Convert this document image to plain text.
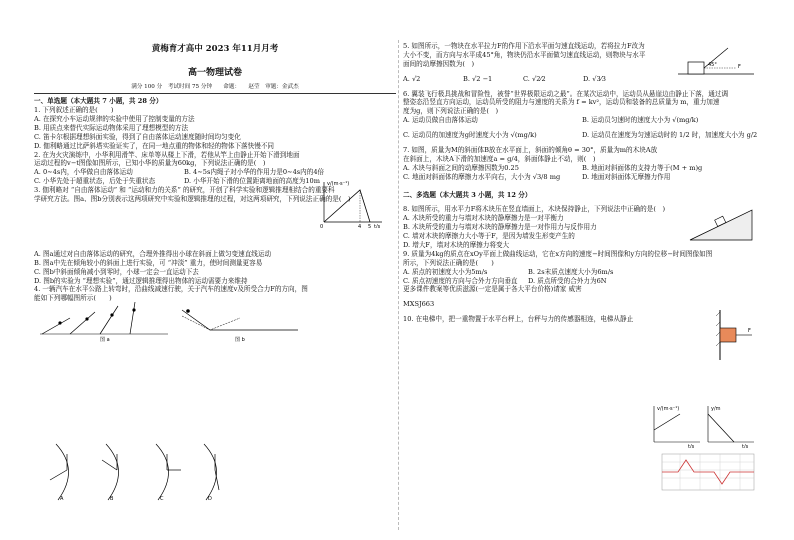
黄梅育才高中 2023 年11月月考
高一物理试卷
满分 100 分　考试时间 75 分钟　　命题：　　赵莹　审题：金武杰
一、单选题（本大题共 7 小题，共 28 分）

1. 下列叙述正确的是(　　)

A. 在探究小车运动规律的实验中使用了控制变量的方法

B. 用质点来替代实际运动物体采用了理想模型的方法

C. 笛卡尔根据理想斜面实验，得到了自由落体运动速度随时间均匀变化

D. 伽利略通过比萨斜塔实验证实了，在同一地点重的物体和轻的物体下落快慢不同

2. 在为火灾演练中，小华利用滑竿、床单等从楼上下滑，若他从竿上由静止开始下滑到地面

运动过程的v−t图像如图所示，已知小华的质量为60kg，下列说法正确的是(　)

A. 0∼4s内，小华做自由落体运动	B. 4∼5s内绳子对小华的作用力是0∼4s内的4倍
C. 小华先处于超重状态，后处于失重状态	D. 小华开始下滑的位置距离地面的高度为10m

3. 伽利略对 “自由落体运动” 和 “运动和力的关系” 的研究，开创了科学实验和逻辑推理相结合的重要科

学研究方法。图a、图b分别表示这两项研究中实验和逻辑推理的过程，对这两项研究，下列说法正确的是(　)

A. 图a通过对自由落体运动的研究，合理外推得出小球在斜面上做匀变速直线运动

B. 图a中先在倾角较小的斜面上进行实验，可 “冲淡” 重力，使时间测量更容易

C. 图b中斜面倾角减小到零时，小球一定会一直运动下去

D. 图b的实验为 “理想实验”，通过逻辑推理得出物体的运动需要力来维持

4. 一辆汽车在水平公路上转弯时，沿曲线减速行驶，关于汽车的速度v及所受合力F的方向，图

能如下列哪幅图所示(　　)

v/(m·s⁻¹)
t/s
0	4 5
图 a	图 b
A	B	C	D

5. 如图所示，一物块在水平拉力F的作用下沿水平面匀速直线运动，若将拉力F改为

大小不变，而方向与水平成45°角，物块仍沿水平面做匀速直线运动，则物块与水平

面间的动摩擦因数为(　)

A. √2	B. √2 −1	C. √2⁄2	D. √3⁄3

6. 翼装飞行极具挑战和冒险性，被誉“世界极限运动之最”。在某次运动中，运动员从悬崖边由静止下落，通过调

整姿态沿竖直方向运动，运动员所受的阻力与速度的关系为 f = kv²，运动员和装备的总质量为 m，重力加速

度为g，则下列说法正确的是(　)

A. 运动员做自由落体运动	B. 运动员匀速时的速度大小为 √(mg/k)
C. 运动员的加速度为g时速度大小为 √(mg/k)	D. 运动员在速度为匀速运动时的 1/2 时，加速度大小为 g/2

7. 如图，质量为M的斜面体B放在水平面上，斜面的倾角θ = 30°，质量为m的木块A放

在斜面上，木块A下滑的加速度a = g/4，斜面体静止不动，则(　)

A. 木块与斜面之间的动摩擦因数为0.25	B. 地面对斜面体的支持力等于(M + m)g
C. 地面对斜面体的摩擦力水平向右，大小为 √3/8 mg	D. 地面对斜面体无摩擦力作用
二、多选题（本大题共 3 小题，共 12 分）

8. 如图所示，用水平力F将木块压在竖直墙面上，木块保持静止，下列说法中正确的是(　)

A. 木块所受的重力与墙对木块的静摩擦力是一对平衡力

B. 木块所受的重力与墙对木块的静摩擦力是一对作用力与反作用力

C. 墙对木块的摩擦力大小等于F，是因为墙发生形变产生的

D. 增大F，墙对木块的摩擦力将变大

9. 质量为4kg的质点在xOy平面上做曲线运动，它在x方向的速度−时间图像和y方向的位移−时间图像如图

所示，下列说法正确的是(　　)

A. 质点的初速度大小为5m/s	B. 2s末质点速度大小为6m/s
C. 质点初速度的方向与合外力方向垂直	D. 质点所受的合外力为6N

更多课件教案等优质滋源(一定是属于各大平台价格)请家 威害

MXSJ663

10. 在电梯中，把一重物置于水平台秤上，台秤与力的传感器相连，电梯从静止

45°	F
F
v/(m·s⁻¹)
t/s
y/m
t/s
